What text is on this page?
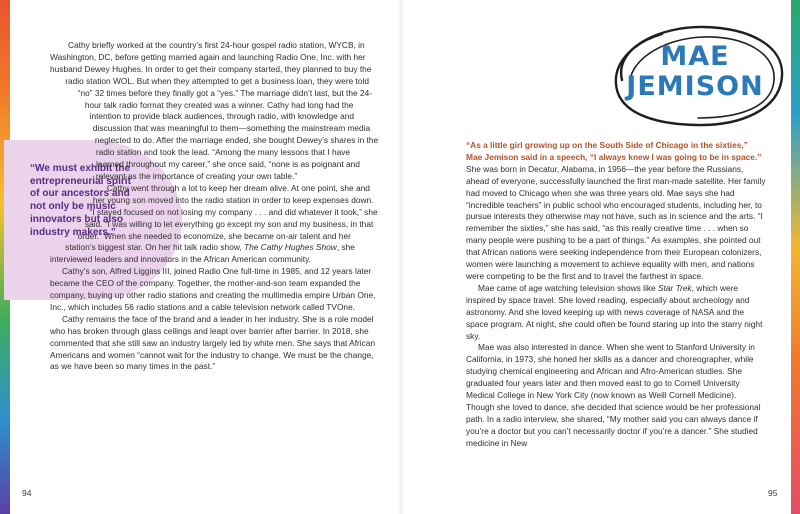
“We must exhibit the entrepreneurial spirit of our ancestors and not only be music innovators but also industry makers.”

Cathy briefly worked at the country’s first 24-hour gospel radio station, WYCB, in Washington, DC, before getting married again and launching Radio One, Inc. with her husband Dewey Hughes. In order to get their company started, they planned to buy the radio station WOL. But when they attempted to get a business loan, they were told “no” 32 times before they finally got a “yes.” The marriage didn’t last, but the 24-hour talk radio format they created was a winner. Cathy had long had the intention to provide black audiences, through radio, with knowledge and discussion that was meaningful to them—something the mainstream media neglected to do. After the marriage ended, she bought Dewey’s shares in the radio station and took the lead. “Among the many lessons that I have learned throughout my career,” she once said, “none is as poignant and relevant as the importance of creating your own table.”

Cathy went through a lot to keep her dream alive. At one point, she and her young son moved into the radio station in order to keep expenses down. “I stayed focused on not losing my company . . . and did whatever it took,” she said. “I was willing to let everything go except my son and my business, in that order.” When she needed to economize, she became on-air talent and her station’s biggest star. On her hit talk radio show, The Cathy Hughes Show, she interviewed leaders and innovators in the African American community.

Cathy’s son, Alfred Liggins III, joined Radio One full-time in 1985, and 12 years later became the CEO of the company. Together, the mother-and-son team expanded the company, buying up other radio stations and creating the multimedia empire Urban One, Inc., which includes 56 radio stations and a cable television network called TVOne.

Cathy remains the face of the brand and a leader in her industry. She is a role model who has broken through glass ceilings and leapt over barrier after barrier. In 2018, she commented that she still saw an industry largely led by white men. She says that African Americans and women “cannot wait for the industry to change. We must be the change, as we have been so many times in the past.”

94
MAE
JEMISON

“As a little girl growing up on the South Side of Chicago in the sixties,” Mae Jemison said in a speech, “I always knew I was going to be in space.” She was born in Decatur, Alabama, in 1956—the year before the Russians, ahead of everyone, successfully launched the first man-made satellite. Her family had moved to Chicago when she was three years old. Mae says she had “incredible teachers” in public school who encouraged students, including her, to pursue interests they otherwise may not have, such as in science and the arts. “I remember the sixties,” she has said, “as this really creative time . . . when so many people were pushing to be a part of things.” As examples, she pointed out that African nations were seeking independence from their European colonizers, women were launching a movement to achieve equality with men, and nations were competing to be the first and to travel the farthest in space.

Mae came of age watching television shows like Star Trek, which were inspired by space travel. She loved reading, especially about archeology and astronomy. And she loved keeping up with news coverage of NASA and the space program. At night, she could often be found staring up into the starry night sky.

Mae was also interested in dance. When she went to Stanford University in California, in 1973, she honed her skills as a dancer and choreographer, while studying chemical engineering and African and Afro-American studies. She graduated four years later and then moved east to go to Cornell University Medical College in New York City (now known as Weill Cornell Medicine). Though she loved to dance, she decided that science would be her professional path. In a radio interview, she shared, “My mother said you can always dance if you’re a doctor but you can’t necessarily doctor if you’re a dancer.” She studied medicine in New

95
